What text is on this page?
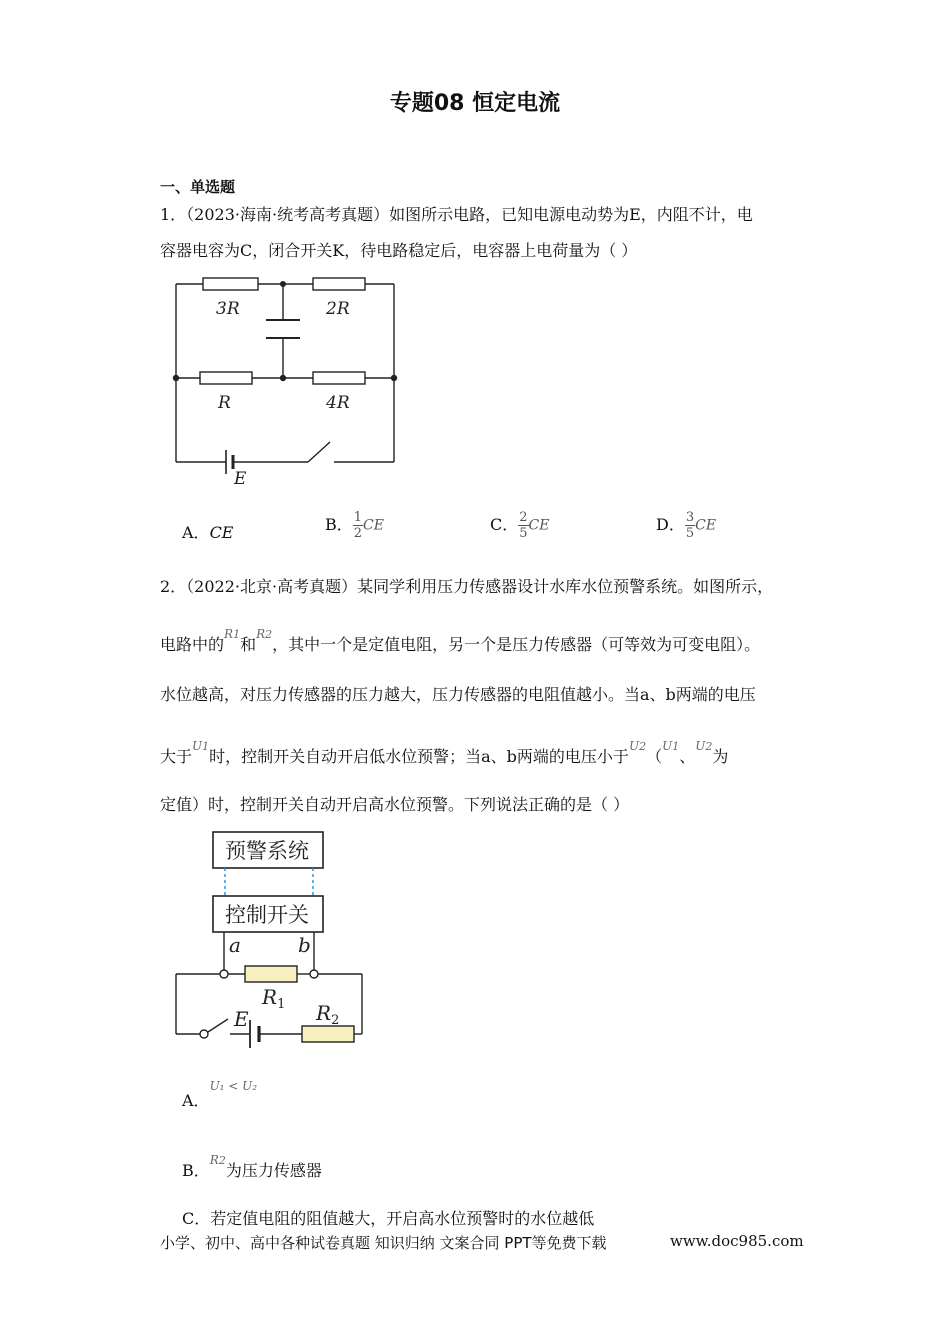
专题08 恒定电流
一、单选题
1．（2023·海南·统考高考真题）如图所示电路，已知电源电动势为E，内阻不计，电
容器电容为C，闭合开关K，待电路稳定后，电容器上电荷量为（ ）
3R	2R
R	4R
E
A．CE	B． $\frac{1}{2}$ CE	C． $\frac{2}{5}$ CE	D． $\frac{3}{5}$ CE
2．（2022·北京·高考真题）某同学利用压力传感器设计水库水位预警系统。如图所示，
电路中的$^{R1}$和$^{R2}$，其中一个是定值电阻，另一个是压力传感器（可等效为可变电阻）。
水位越高，对压力传感器的压力越大，压力传感器的电阻值越小。当a、b两端的电压
大于$^{U1}$时，控制开关自动开启低水位预警；当a、b两端的电压小于$^{U2}$（$^{U1}$、$^{U2}$为
定值）时，控制开关自动开启高水位预警。下列说法正确的是（ ）
预警系统
控制开关
a	b
$R_1$
E	$R_2$
A．$^{U_1 < U_2}$
B．$^{R2}$为压力传感器
C．若定值电阻的阻值越大，开启高水位预警时的水位越低
小学、初中、高中各种试卷真题 知识归纳 文案合同 PPT等免费下载	www.doc985.com
